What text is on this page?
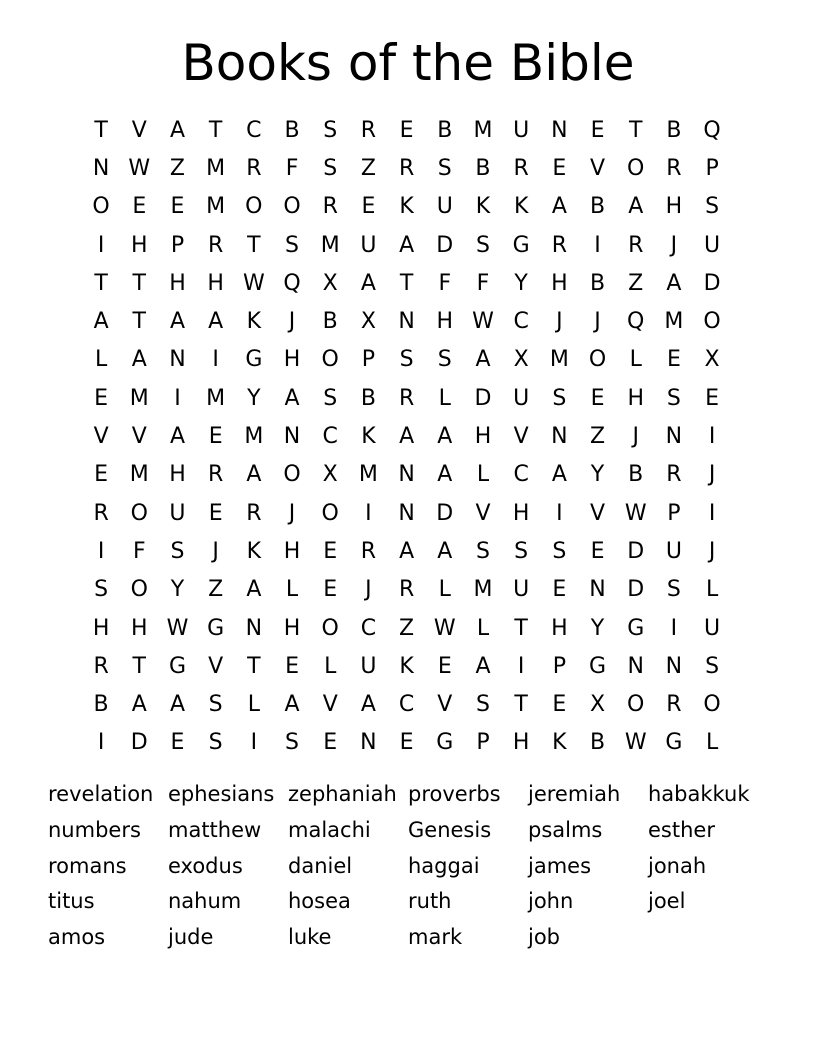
Books of the Bible
T	V	A	T	C	B	S	R	E	B M U N	E	T	B Q
N W Z M R	F	S	Z	R	S	B	R	E	V O R	P
O	E	E M O O R	E	K	U	K	K	A	B	A	H	S
I	H	P	R	T	S M U	A	D	S	G	R	I	R	J	U
T	T	H H W Q X	A	T	F	F	Y	H	B	Z	A	D
A	T	A	A	K	J	B	X	N H W C	J	J	Q M O
L	A	N	I	G H O	P	S	S	A	X M O	L	E	X
E M	I	M Y	A	S	B	R	L	D U	S	E	H	S	E
V	V	A	E M N	C	K	A	A	H	V	N	Z	J	N	I
E M H	R	A O X M N	A	L	C	A	Y	B	R	J
R O U	E	R	J	O	I	N D	V	H	I	V W P	I
I	F	S	J	K	H	E	R	A	A	S	S	S	E	D U	J
S	O	Y	Z	A	L	E	J	R	L	M U	E	N D	S	L
H H W G N H O C	Z W L	T	H	Y	G	I	U
R	T	G	V	T	E	L	U	K	E	A	I	P	G N N	S
B	A	A	S	L	A	V	A	C	V	S	T	E	X O R O
I	D	E	S	I	S	E	N	E	G	P	H	K	B W G	L
revelation ephesians zephaniah proverbs	jeremiah	habakkuk
numbers	matthew	malachi	Genesis	psalms	esther
romans	exodus	daniel	haggai	james	jonah
titus	nahum	hosea	ruth	john	joel
amos	jude	luke	mark	job
